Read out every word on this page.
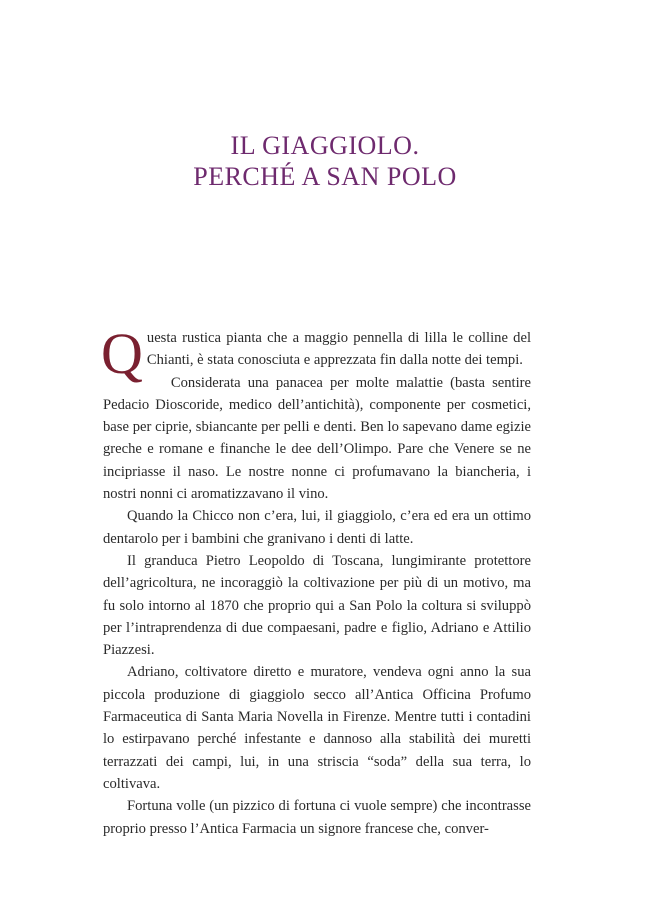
IL GIAGGIOLO.
PERCHÉ A SAN POLO

Questa rustica pianta che a maggio pennella di lilla le colline del Chianti, è stata conosciuta e apprezzata fin dalla notte dei tempi.

Considerata una panacea per molte malattie (basta sentire Pedacio Dioscoride, medico dell’antichità), componente per cosmetici, base per ciprie, sbiancante per pelli e denti. Ben lo sapevano dame egizie greche e romane e finanche le dee dell’Olimpo. Pare che Venere se ne incipriasse il naso. Le nostre nonne ci profumavano la biancheria, i nostri nonni ci aromatizzavano il vino.

Quando la Chicco non c’era, lui, il giaggiolo, c’era ed era un ottimo dentarolo per i bambini che granivano i denti di latte.

Il granduca Pietro Leopoldo di Toscana, lungimirante protettore dell’agricoltura, ne incoraggiò la coltivazione per più di un motivo, ma fu solo intorno al 1870 che proprio qui a San Polo la coltura si sviluppò per l’intraprendenza di due compaesani, padre e figlio, Adriano e Attilio Piazzesi.

Adriano, coltivatore diretto e muratore, vendeva ogni anno la sua piccola produzione di giaggiolo secco all’Antica Officina Profumo Farmaceutica di Santa Maria Novella in Firenze. Mentre tutti i contadini lo estirpavano perché infestante e dannoso alla stabilità dei muretti terrazzati dei campi, lui, in una striscia “soda” della sua terra, lo coltivava.

Fortuna volle (un pizzico di fortuna ci vuole sempre) che incontrasse proprio presso l’Antica Farmacia un signore francese che, conver-
